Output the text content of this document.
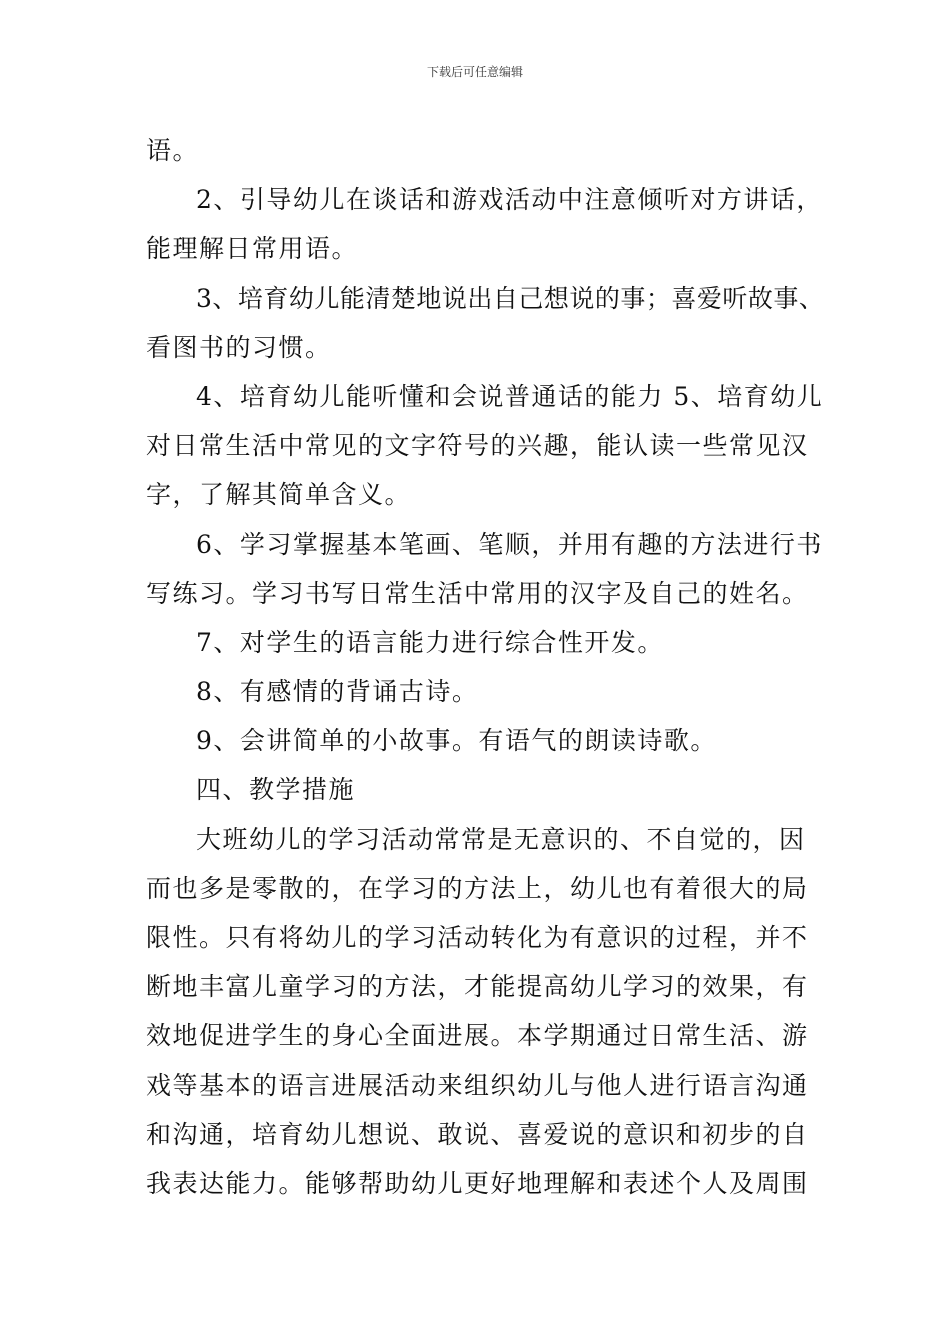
下载后可任意编辑
语。
2、引导幼儿在谈话和游戏活动中注意倾听对方讲话，
能理解日常用语。
3、培育幼儿能清楚地说出自己想说的事；喜爱听故事、
看图书的习惯。
4、培育幼儿能听懂和会说普通话的能力 5、培育幼儿
对日常生活中常见的文字符号的兴趣，能认读一些常见汉
字，了解其简单含义。
6、学习掌握基本笔画、笔顺，并用有趣的方法进行书
写练习。学习书写日常生活中常用的汉字及自己的姓名。
7、对学生的语言能力进行综合性开发。
8、有感情的背诵古诗。
9、会讲简单的小故事。有语气的朗读诗歌。
四、教学措施
大班幼儿的学习活动常常是无意识的、不自觉的，因
而也多是零散的，在学习的方法上，幼儿也有着很大的局
限性。只有将幼儿的学习活动转化为有意识的过程，并不
断地丰富儿童学习的方法，才能提高幼儿学习的效果，有
效地促进学生的身心全面进展。本学期通过日常生活、游
戏等基本的语言进展活动来组织幼儿与他人进行语言沟通
和沟通，培育幼儿想说、敢说、喜爱说的意识和初步的自
我表达能力。能够帮助幼儿更好地理解和表述个人及周围
